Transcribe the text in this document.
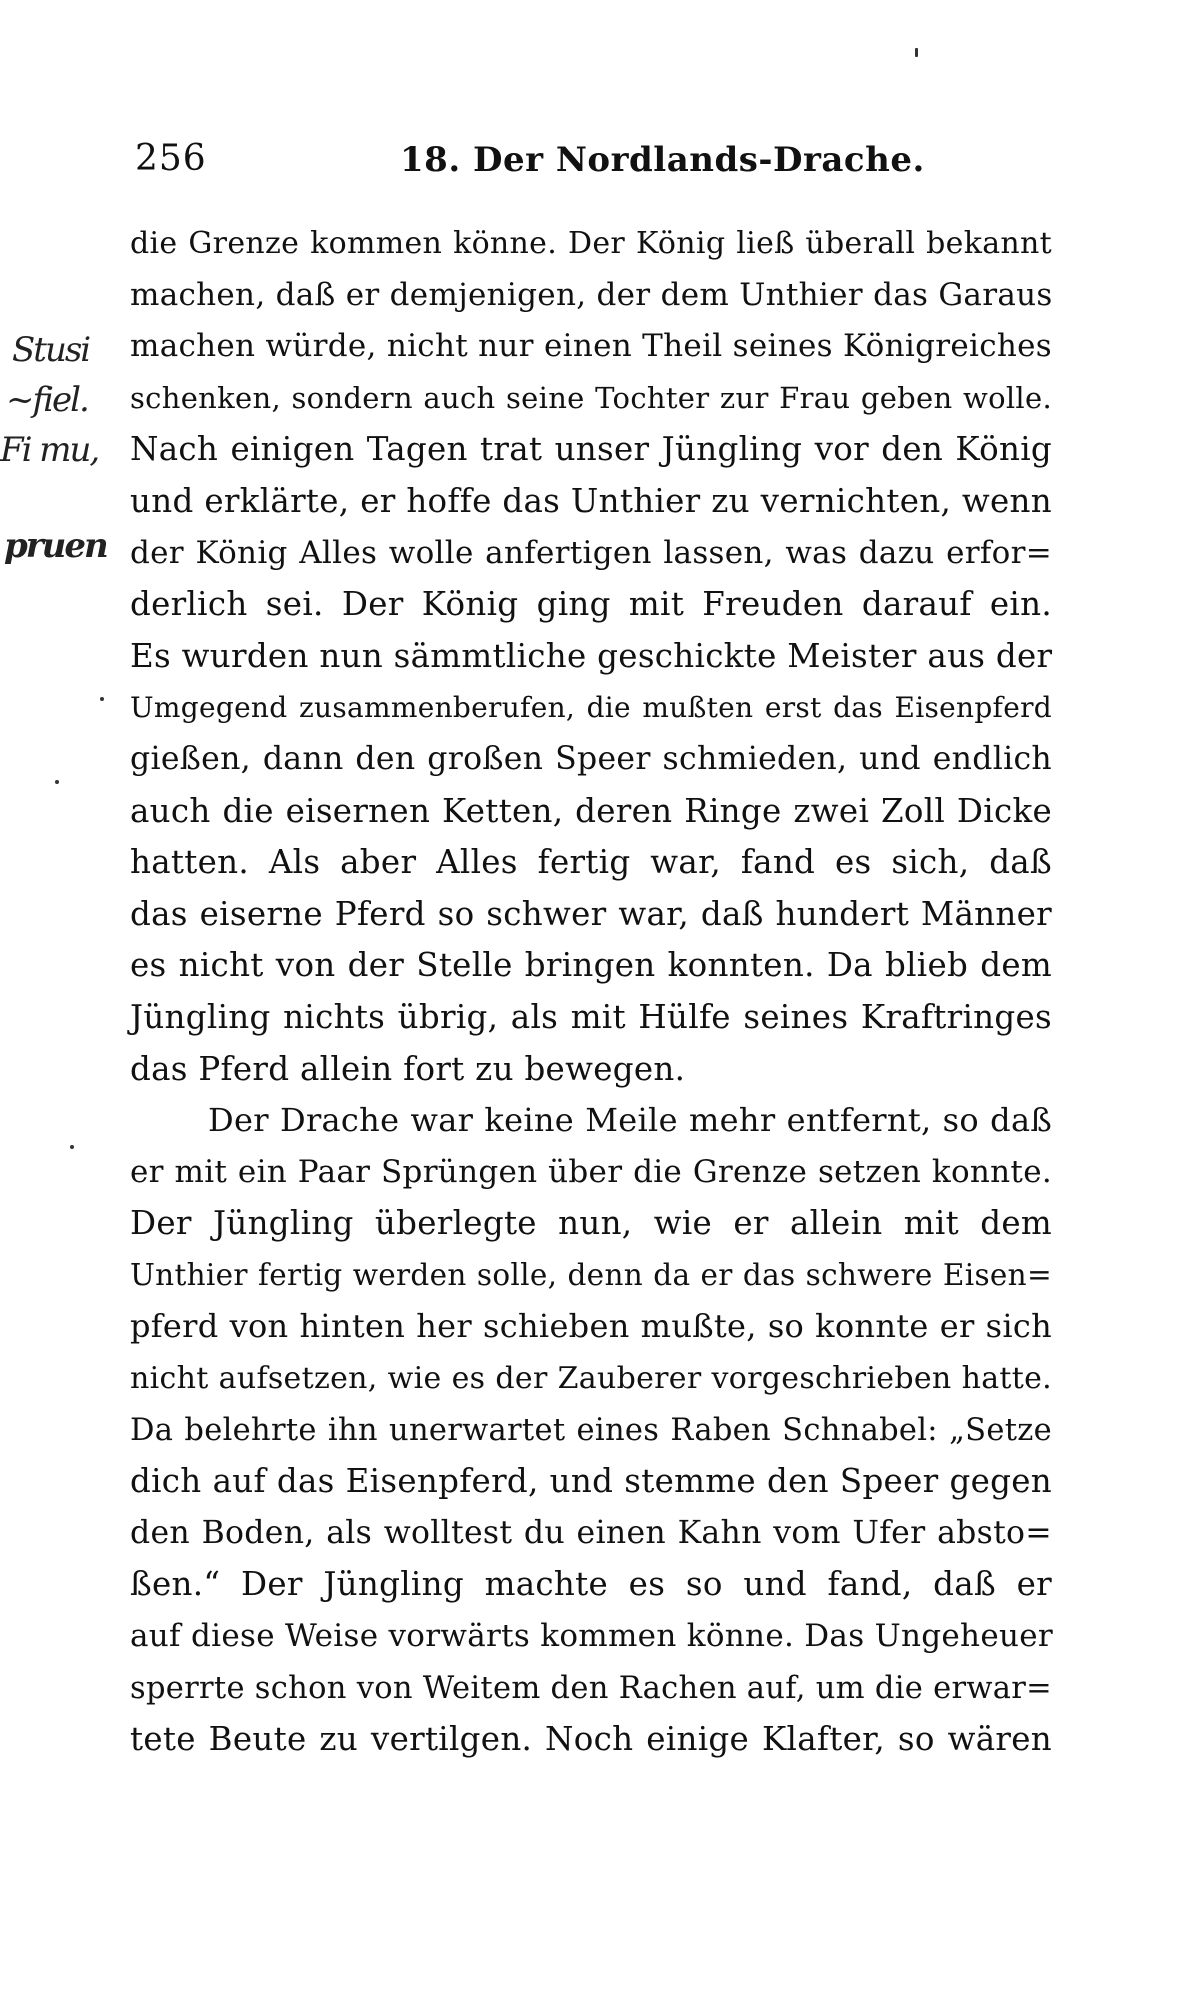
256	18. Der Nordlands-Drache.
Stusi
~fiel.
Fi mu,
pruen
die Grenze kommen könne. Der König ließ überall bekannt
machen, daß er demjenigen, der dem Unthier das Garaus
machen würde, nicht nur einen Theil seines Königreiches
schenken, sondern auch seine Tochter zur Frau geben wolle.
Nach einigen Tagen trat unser Jüngling vor den König
und erklärte, er hoffe das Unthier zu vernichten, wenn
der König Alles wolle anfertigen lassen, was dazu erfor=
derlich sei. Der König ging mit Freuden darauf ein.
Es wurden nun sämmtliche geschickte Meister aus der
Umgegend zusammenberufen, die mußten erst das Eisenpferd
gießen, dann den großen Speer schmieden, und endlich
auch die eisernen Ketten, deren Ringe zwei Zoll Dicke
hatten. Als aber Alles fertig war, fand es sich, daß
das eiserne Pferd so schwer war, daß hundert Männer
es nicht von der Stelle bringen konnten. Da blieb dem
Jüngling nichts übrig, als mit Hülfe seines Kraftringes
das Pferd allein fort zu bewegen.
Der Drache war keine Meile mehr entfernt, so daß
er mit ein Paar Sprüngen über die Grenze setzen konnte.
Der Jüngling überlegte nun, wie er allein mit dem
Unthier fertig werden solle, denn da er das schwere Eisen=
pferd von hinten her schieben mußte, so konnte er sich
nicht aufsetzen, wie es der Zauberer vorgeschrieben hatte.
Da belehrte ihn unerwartet eines Raben Schnabel: „Setze
dich auf das Eisenpferd, und stemme den Speer gegen
den Boden, als wolltest du einen Kahn vom Ufer absto=
ßen.“ Der Jüngling machte es so und fand, daß er
auf diese Weise vorwärts kommen könne. Das Ungeheuer
sperrte schon von Weitem den Rachen auf, um die erwar=
tete Beute zu vertilgen. Noch einige Klafter, so wären
